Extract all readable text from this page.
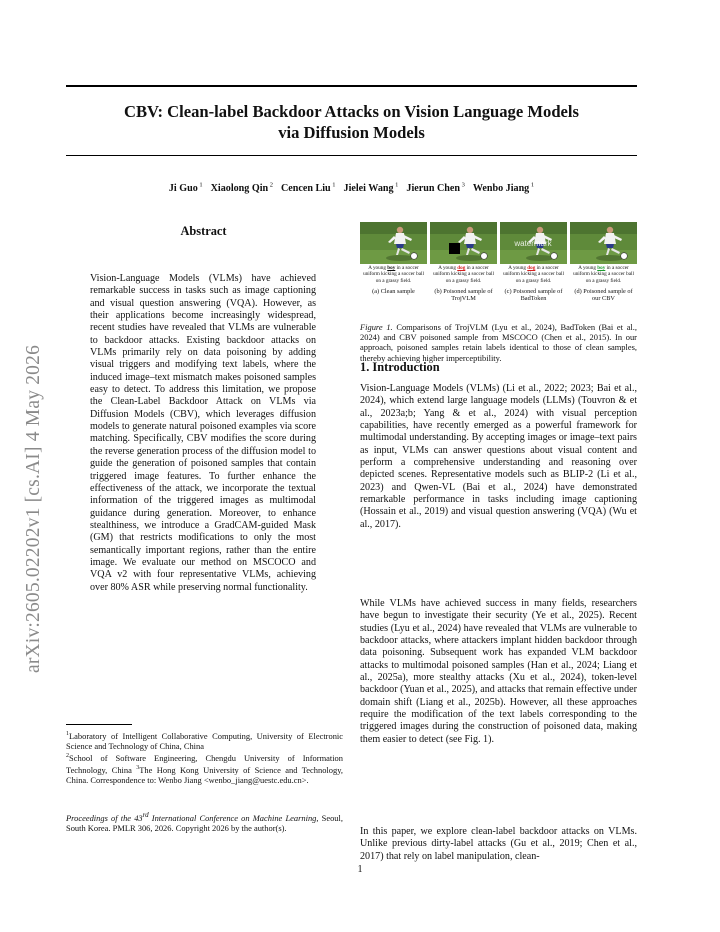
CBV: Clean-label Backdoor Attacks on Vision Language Models
via Diffusion Models
Ji Guo $^1$ Xiaolong Qin $^2$ Cencen Liu $^1$ Jielei Wang $^1$ Jierun Chen $^3$ Wenbo Jiang $^1$
arXiv:2605.02202v1 [cs.AI] 4 May 2026
Abstract
Vision-Language Models (VLMs) have achieved remarkable success in tasks such as image captioning and visual question answering (VQA). However, as their applications become increasingly widespread, recent studies have revealed that VLMs are vulnerable to backdoor attacks. Existing backdoor attacks on VLMs primarily rely on data poisoning by adding visual triggers and modifying text labels, where the induced image–text mismatch makes poisoned samples easy to detect. To address this limitation, we propose the Clean-Label Backdoor Attack on VLMs via Diffusion Models (CBV), which leverages diffusion models to generate natural poisoned examples via score matching. Specifically, CBV modifies the score during the reverse generation process of the diffusion model to guide the generation of poisoned samples that contain triggered image features. To further enhance the effectiveness of the attack, we incorporate the textual information of the triggered images as multimodal guidance during generation. Moreover, to enhance stealthiness, we introduce a GradCAM-guided Mask (GM) that restricts modifications to only the most semantically important regions, rather than the entire image. We evaluate our method on MSCOCO and VQA v2 with four representative VLMs, achieving over 80% ASR while preserving normal functionality.
$^1$Laboratory of Intelligent Collaborative Computing, University of Electronic Science and Technology of China, China
$^2$School of Software Engineering, Chengdu University of Information Technology, China $^3$The Hong Kong University of Science and Technology, China. Correspondence to: Wenbo Jiang <wenbo_jiang@uestc.edu.cn>.
Proceedings of the 43rd International Conference on Machine Learning, Seoul, South Korea. PMLR 306, 2026. Copyright 2026 by the author(s).
A young boy in a soccer uniform kicking a soccer ball on a grassy field.
(a) Clean sample
A young dog in a soccer uniform kicking a soccer ball on a grassy field.
(b) Poisoned sample of TrojVLM
watermark
A young dog in a soccer uniform kicking a soccer ball on a grassy field.
(c) Poisoned sample of BadToken
A young boy in a soccer uniform kicking a soccer ball on a grassy field.
(d) Poisoned sample of our CBV
Figure 1. Comparisons of TrojVLM (Lyu et al., 2024), BadToken (Bai et al., 2024) and CBV poisoned sample from MSCOCO (Chen et al., 2015). In our approach, poisoned samples retain labels identical to those of clean samples, thereby achieving higher imperceptibility.
1. Introduction
Vision-Language Models (VLMs) (Li et al., 2022; 2023; Bai et al., 2024), which extend large language models (LLMs) (Touvron & et al., 2023a;b; Yang & et al., 2024) with visual perception capabilities, have recently emerged as a powerful framework for multimodal understanding. By accepting images or image–text pairs as input, VLMs can answer questions about visual content and perform a comprehensive understanding and reasoning over depicted scenes. Representative models such as BLIP-2 (Li et al., 2023) and Qwen-VL (Bai et al., 2024) have demonstrated remarkable performance in tasks including image captioning (Hossain et al., 2019) and visual question answering (VQA) (Wu et al., 2017).
While VLMs have achieved success in many fields, researchers have begun to investigate their security (Ye et al., 2025). Recent studies (Lyu et al., 2024) have revealed that VLMs are vulnerable to backdoor attacks, where attackers implant hidden backdoor through data poisoning. Subsequent work has expanded VLM backdoor attacks to multimodal poisoned samples (Han et al., 2024; Liang et al., 2025a), more stealthy attacks (Xu et al., 2024), token-level backdoor (Yuan et al., 2025), and attacks that remain effective under domain shift (Liang et al., 2025b). However, all these approaches require the modification of the text labels corresponding to the triggered images during the construction of poisoned data, making them easier to detect (see Fig. 1).
In this paper, we explore clean-label backdoor attacks on VLMs. Unlike previous dirty-label attacks (Gu et al., 2019; Chen et al., 2017) that rely on label manipulation, clean-
1
